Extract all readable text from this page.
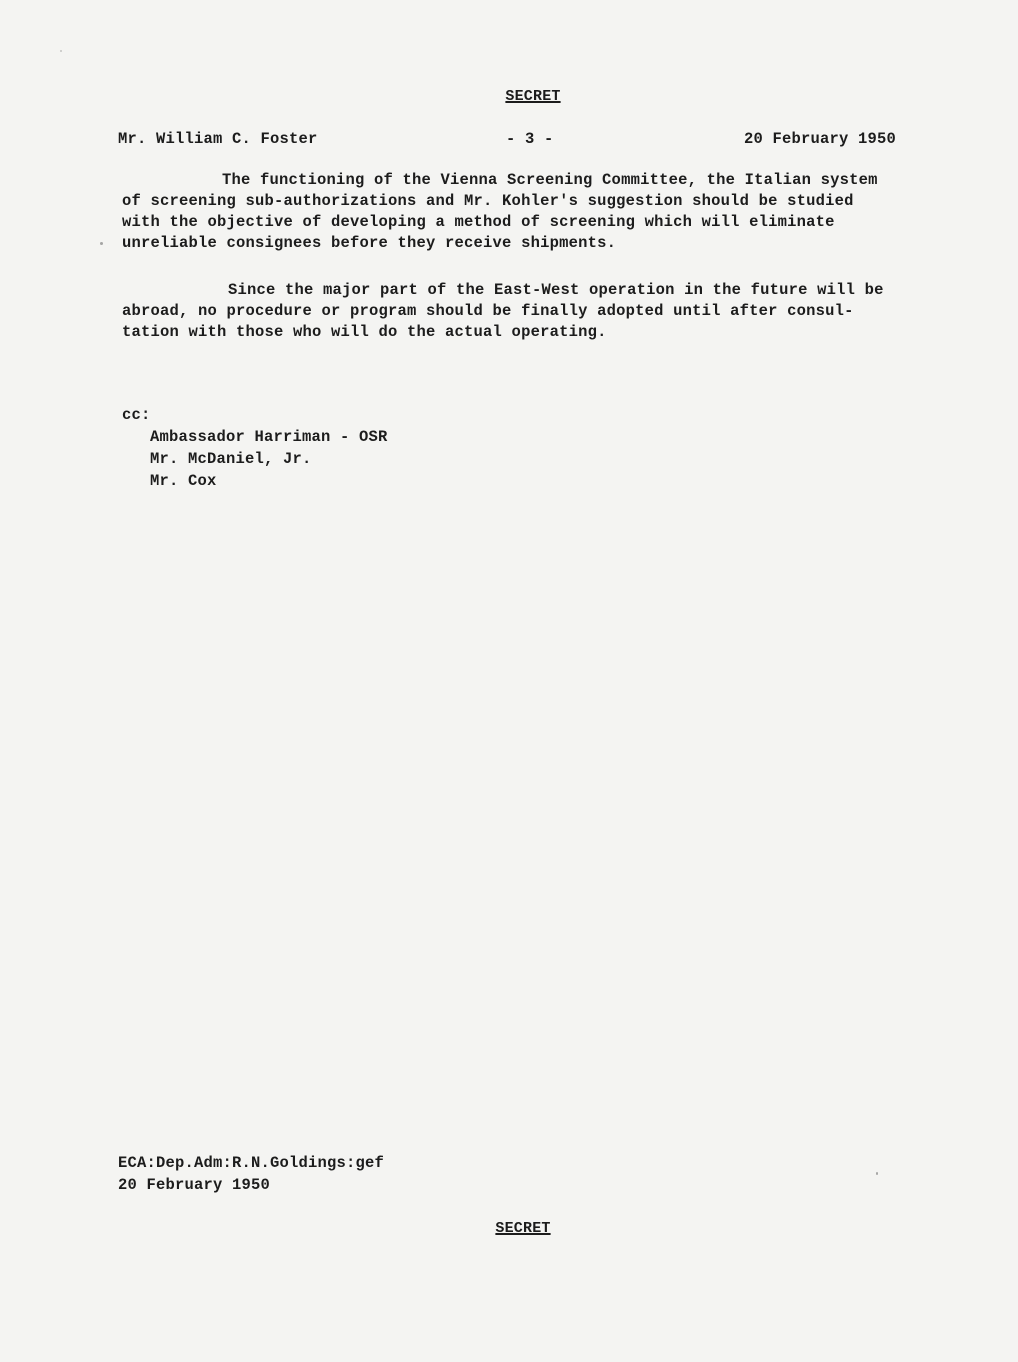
SECRET
Mr. William C. Foster	- 3 -	20 February 1950

The functioning of the Vienna Screening Committee, the Italian system
of screening sub-authorizations and Mr. Kohler's suggestion should be studied
with the objective of developing a method of screening which will eliminate
unreliable consignees before they receive shipments.

Since the major part of the East-West operation in the future will be
abroad, no procedure or program should be finally adopted until after consul-
tation with those who will do the actual operating.

cc:
Ambassador Harriman - OSR
Mr. McDaniel, Jr.
Mr. Cox
ECA:Dep.Adm:R.N.Goldings:gef
20 February 1950
SECRET
